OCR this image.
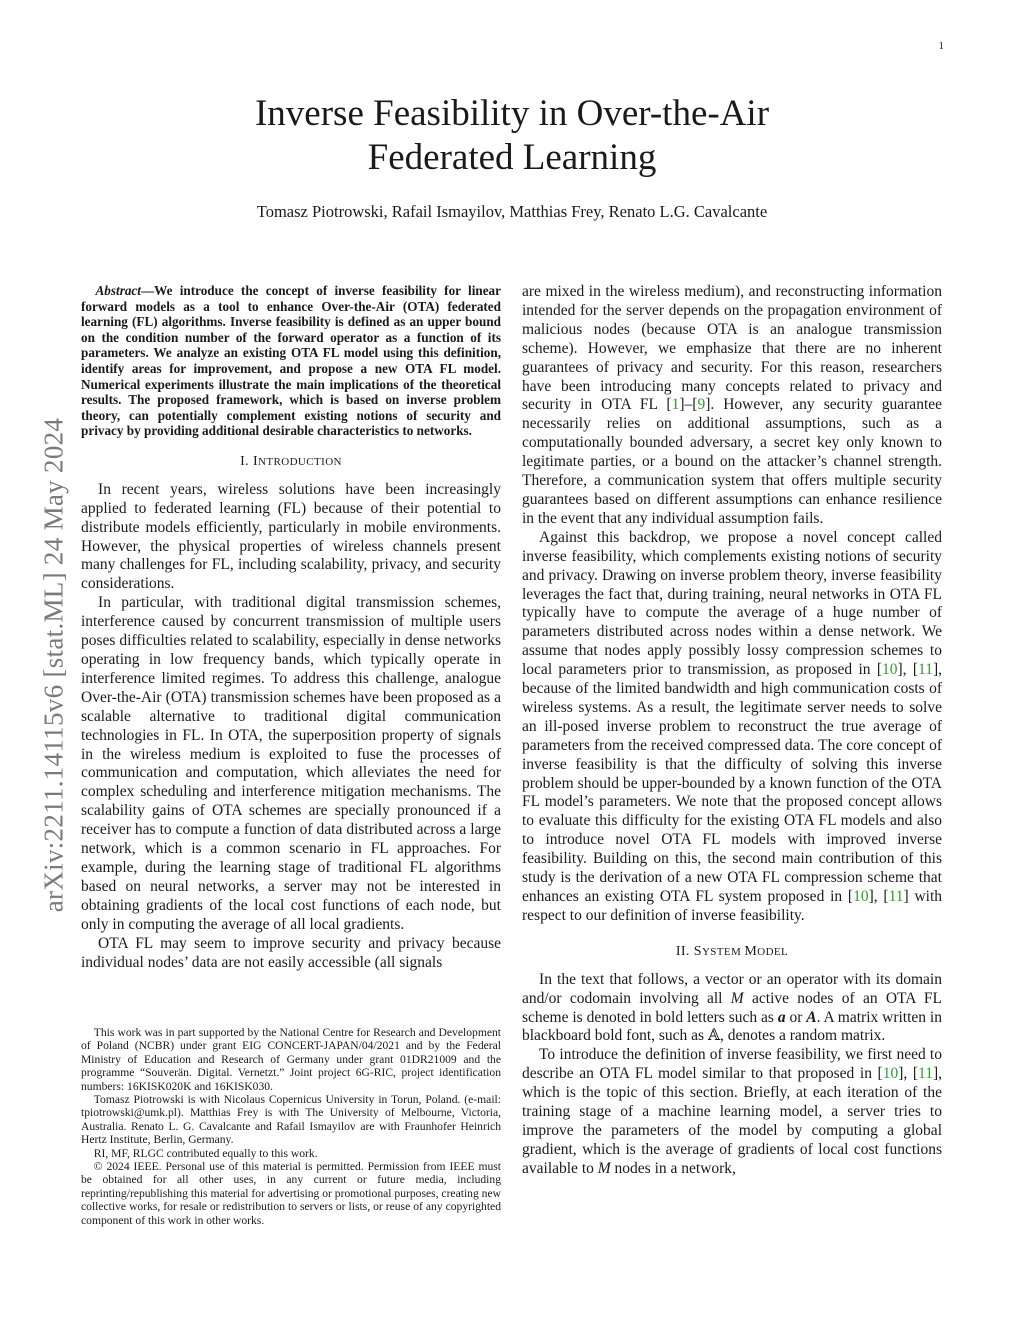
1
arXiv:2211.14115v6 [stat.ML] 24 May 2024
Inverse Feasibility in Over-the-Air
Federated Learning
Tomasz Piotrowski, Rafail Ismayilov, Matthias Frey, Renato L.G. Cavalcante

Abstract—We introduce the concept of inverse feasibility for linear forward models as a tool to enhance Over-the-Air (OTA) federated learning (FL) algorithms. Inverse feasibility is defined as an upper bound on the condition number of the forward operator as a function of its parameters. We analyze an existing OTA FL model using this definition, identify areas for improvement, and propose a new OTA FL model. Numerical experiments illustrate the main implications of the theoretical results. The proposed framework, which is based on inverse problem theory, can potentially complement existing notions of security and privacy by providing additional desirable characteristics to networks.

I. INTRODUCTION

In recent years, wireless solutions have been increasingly applied to federated learning (FL) because of their potential to distribute models efficiently, particularly in mobile environments. However, the physical properties of wireless channels present many challenges for FL, including scalability, privacy, and security considerations.

In particular, with traditional digital transmission schemes, interference caused by concurrent transmission of multiple users poses difficulties related to scalability, especially in dense networks operating in low frequency bands, which typically operate in interference limited regimes. To address this challenge, analogue Over-the-Air (OTA) transmission schemes have been proposed as a scalable alternative to traditional digital communication technologies in FL. In OTA, the superposition property of signals in the wireless medium is exploited to fuse the processes of communication and computation, which alleviates the need for complex scheduling and interference mitigation mechanisms. The scalability gains of OTA schemes are specially pronounced if a receiver has to compute a function of data distributed across a large network, which is a common scenario in FL approaches. For example, during the learning stage of traditional FL algorithms based on neural networks, a server may not be interested in obtaining gradients of the local cost functions of each node, but only in computing the average of all local gradients.

OTA FL may seem to improve security and privacy because individual nodes’ data are not easily accessible (all signals

This work was in part supported by the National Centre for Research and Development of Poland (NCBR) under grant EIG CONCERT-JAPAN/04/2021 and by the Federal Ministry of Education and Research of Germany under grant 01DR21009 and the programme “Souverän. Digital. Vernetzt.” Joint project 6G-RIC, project identification numbers: 16KISK020K and 16KISK030.

Tomasz Piotrowski is with Nicolaus Copernicus University in Torun, Poland. (e-mail: tpiotrowski@umk.pl). Matthias Frey is with The University of Melbourne, Victoria, Australia. Renato L. G. Cavalcante and Rafail Ismayilov are with Fraunhofer Heinrich Hertz Institute, Berlin, Germany.

RI, MF, RLGC contributed equally to this work.

© 2024 IEEE. Personal use of this material is permitted. Permission from IEEE must be obtained for all other uses, in any current or future media, including reprinting/republishing this material for advertising or promotional purposes, creating new collective works, for resale or redistribution to servers or lists, or reuse of any copyrighted component of this work in other works.

are mixed in the wireless medium), and reconstructing information intended for the server depends on the propagation environment of malicious nodes (because OTA is an analogue transmission scheme). However, we emphasize that there are no inherent guarantees of privacy and security. For this reason, researchers have been introducing many concepts related to privacy and security in OTA FL [1]–[9]. However, any security guarantee necessarily relies on additional assumptions, such as a computationally bounded adversary, a secret key only known to legitimate parties, or a bound on the attacker’s channel strength. Therefore, a communication system that offers multiple security guarantees based on different assumptions can enhance resilience in the event that any individual assumption fails.

Against this backdrop, we propose a novel concept called inverse feasibility, which complements existing notions of security and privacy. Drawing on inverse problem theory, inverse feasibility leverages the fact that, during training, neural networks in OTA FL typically have to compute the average of a huge number of parameters distributed across nodes within a dense network. We assume that nodes apply possibly lossy compression schemes to local parameters prior to transmission, as proposed in [10], [11], because of the limited bandwidth and high communication costs of wireless systems. As a result, the legitimate server needs to solve an ill-posed inverse problem to reconstruct the true average of parameters from the received compressed data. The core concept of inverse feasibility is that the difficulty of solving this inverse problem should be upper-bounded by a known function of the OTA FL model’s parameters. We note that the proposed concept allows to evaluate this difficulty for the existing OTA FL models and also to introduce novel OTA FL models with improved inverse feasibility. Building on this, the second main contribution of this study is the derivation of a new OTA FL compression scheme that enhances an existing OTA FL system proposed in [10], [11] with respect to our definition of inverse feasibility.

II. SYSTEM MODEL

In the text that follows, a vector or an operator with its domain and/or codomain involving all M active nodes of an OTA FL scheme is denoted in bold letters such as a or A. A matrix written in blackboard bold font, such as 𝔸, denotes a random matrix.

To introduce the definition of inverse feasibility, we first need to describe an OTA FL model similar to that proposed in [10], [11], which is the topic of this section. Briefly, at each iteration of the training stage of a machine learning model, a server tries to improve the parameters of the model by computing a global gradient, which is the average of gradients of local cost functions available to M nodes in a network,
